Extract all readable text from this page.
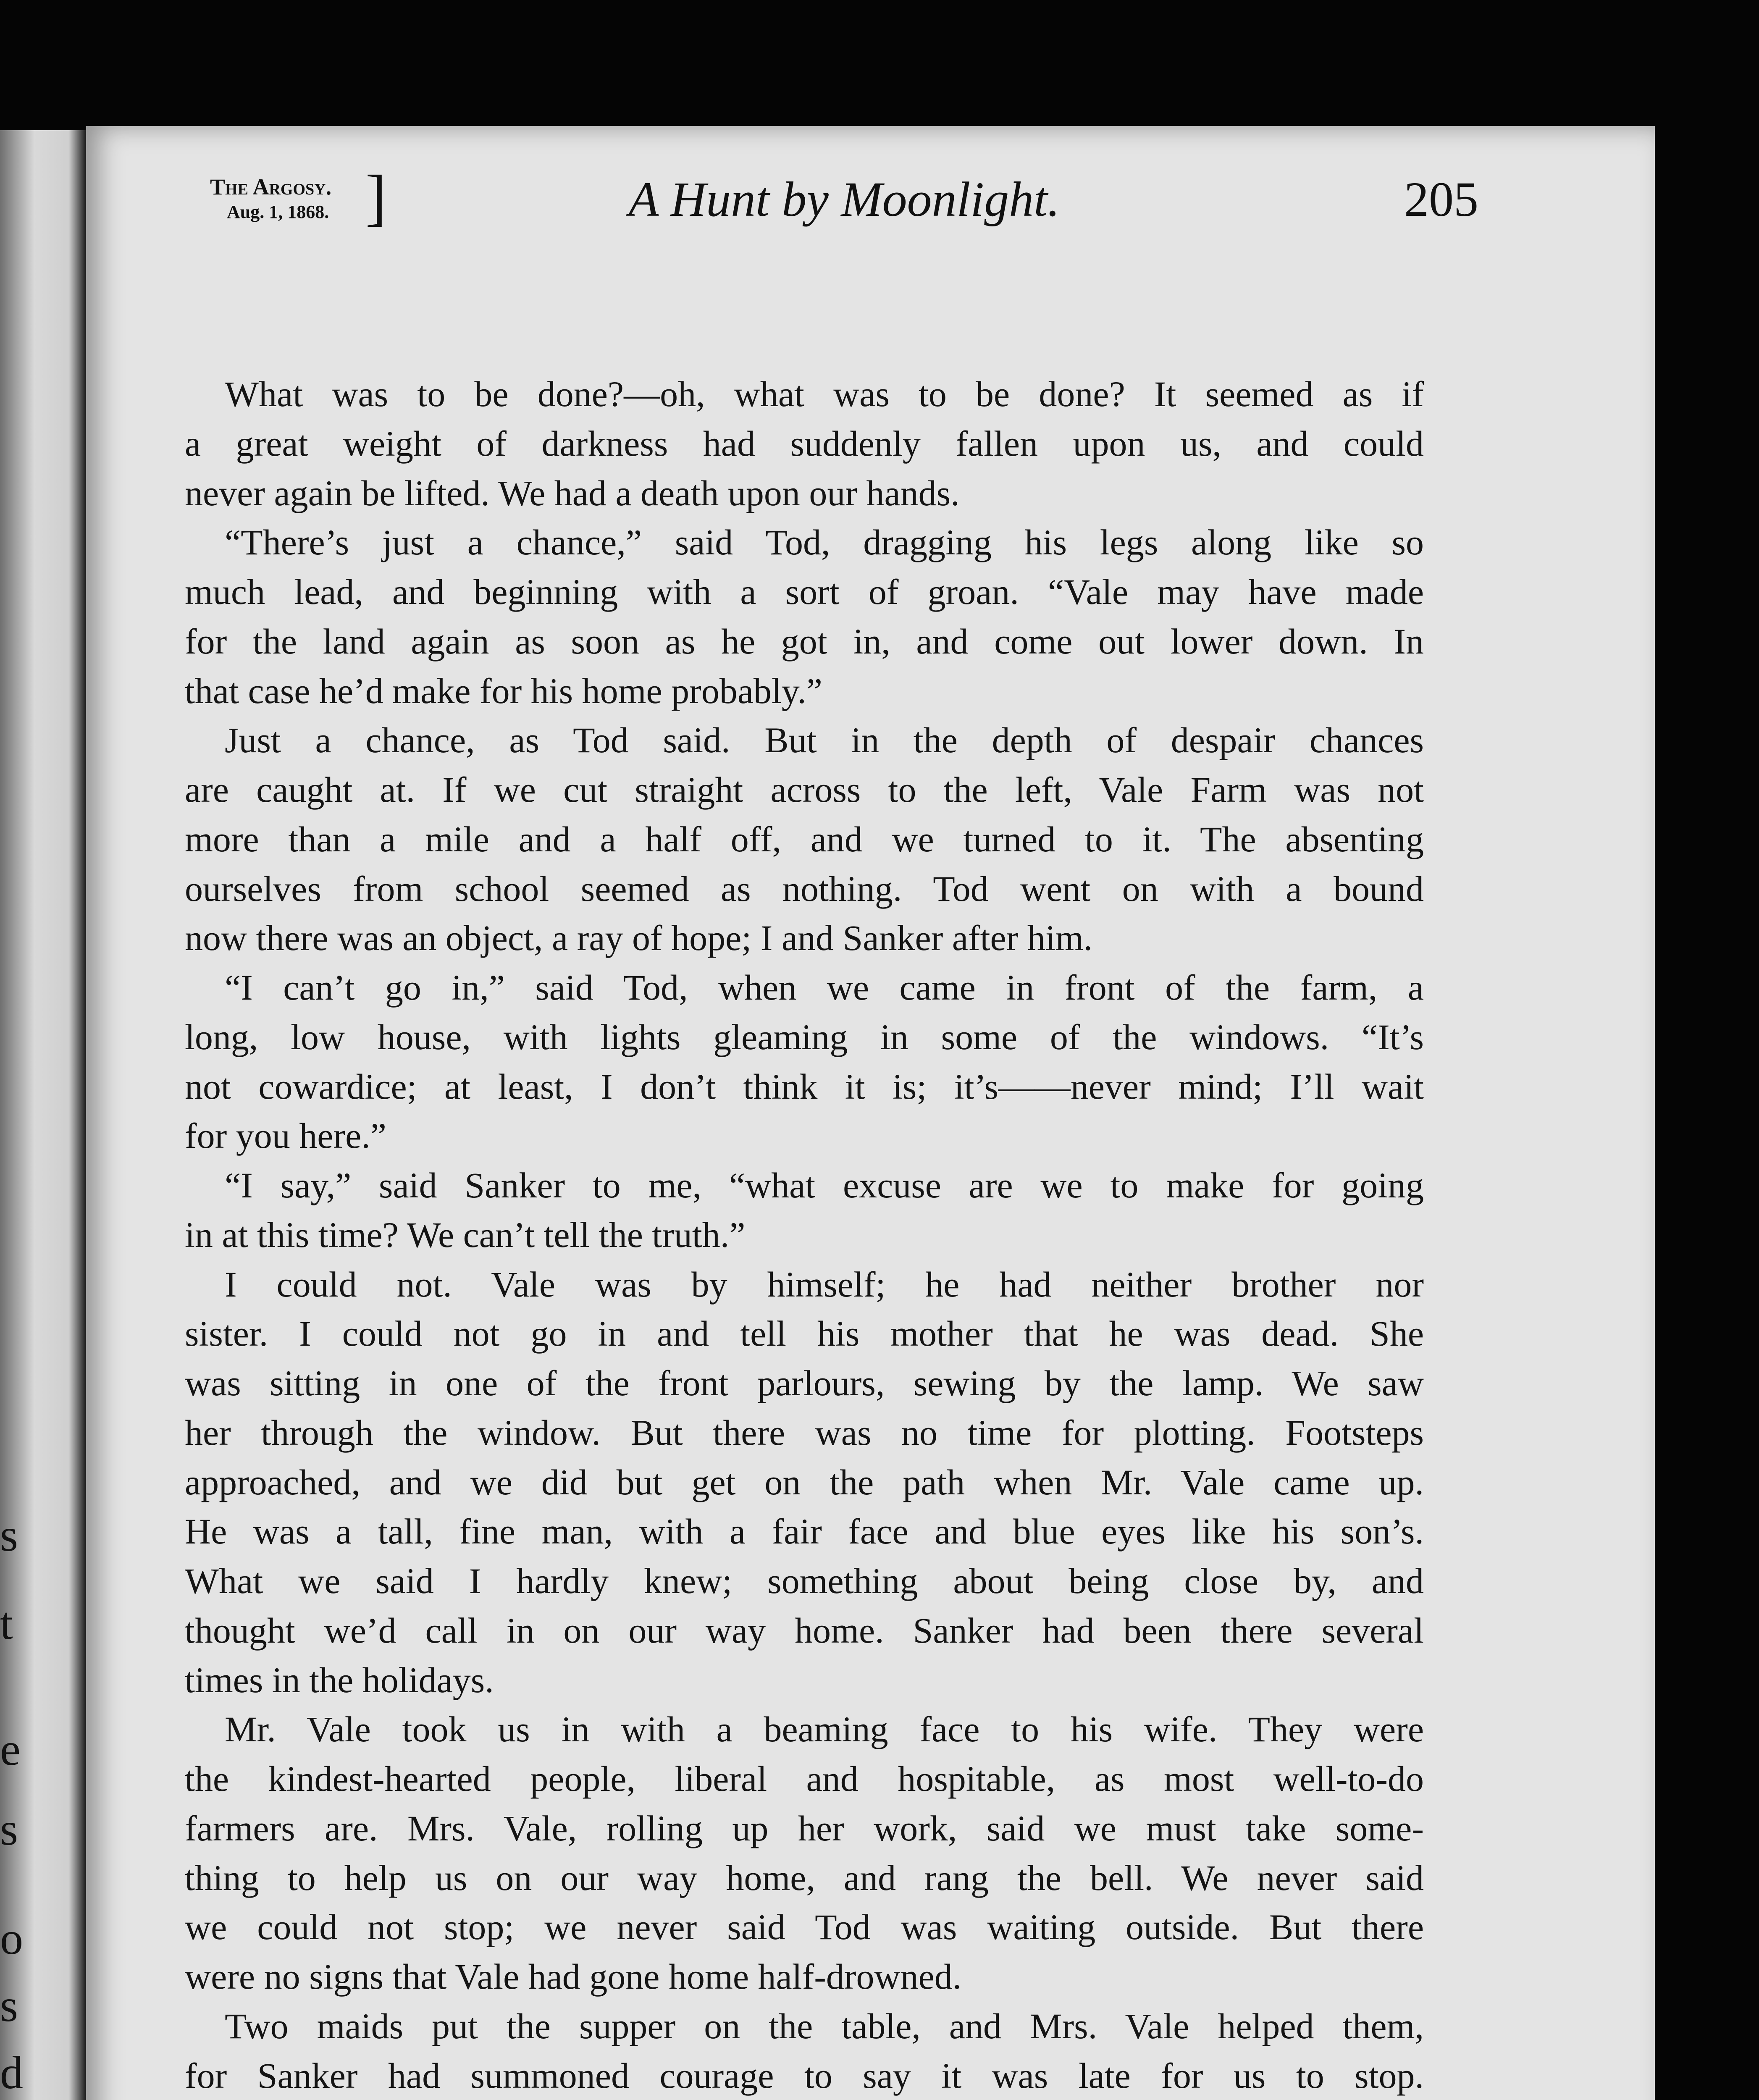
s
t
e
s
o
s
d
The Argosy.
Aug. 1, 1868. ]	A Hunt by Moonlight.	205
What was to be done?—oh, what was to be done? It seemed as if
a great weight of darkness had suddenly fallen upon us, and could
never again be lifted. We had a death upon our hands.
“There’s just a chance,” said Tod, dragging his legs along like so
much lead, and beginning with a sort of groan. “Vale may have made
for the land again as soon as he got in, and come out lower down. In
that case he’d make for his home probably.”
Just a chance, as Tod said. But in the depth of despair chances
are caught at. If we cut straight across to the left, Vale Farm was not
more than a mile and a half off, and we turned to it. The absenting
ourselves from school seemed as nothing. Tod went on with a bound
now there was an object, a ray of hope; I and Sanker after him.
“I can’t go in,” said Tod, when we came in front of the farm, a
long, low house, with lights gleaming in some of the windows. “It’s
not cowardice; at least, I don’t think it is; it’s——never mind; I’ll wait
for you here.”
“I say,” said Sanker to me, “what excuse are we to make for going
in at this time? We can’t tell the truth.”
I could not. Vale was by himself; he had neither brother nor
sister. I could not go in and tell his mother that he was dead. She
was sitting in one of the front parlours, sewing by the lamp. We saw
her through the window. But there was no time for plotting. Footsteps
approached, and we did but get on the path when Mr. Vale came up.
He was a tall, fine man, with a fair face and blue eyes like his son’s.
What we said I hardly knew; something about being close by, and
thought we’d call in on our way home. Sanker had been there several
times in the holidays.
Mr. Vale took us in with a beaming face to his wife. They were
the kindest-hearted people, liberal and hospitable, as most well-to-do
farmers are. Mrs. Vale, rolling up her work, said we must take some-
thing to help us on our way home, and rang the bell. We never said
we could not stop; we never said Tod was waiting outside. But there
were no signs that Vale had gone home half-drowned.
Two maids put the supper on the table, and Mrs. Vale helped them,
for Sanker had summoned courage to say it was late for us to stop.
